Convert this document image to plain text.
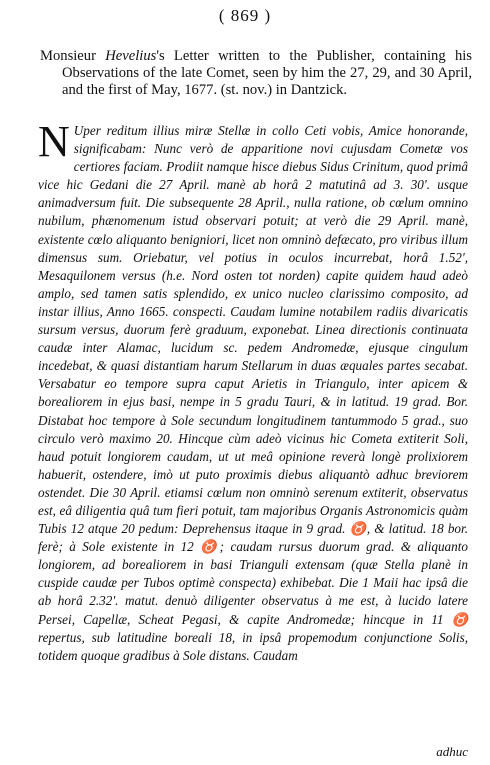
( 869 )
Monsieur Hevelius's Letter written to the Publisher, containing his Observations of the late Comet, seen by him the 27, 29, and 30 April, and the first of May, 1677. (st. nov.) in Dantzick.
N Uper reditum illius miræ Stellæ in collo Ceti vobis, Amice honorande, significabam: Nunc verò de apparitione novi cujusdam Cometæ vos certiores faciam. Prodiit namque hisce diebus Sidus Crinitum, quod primâ vice hic Gedani die 27 April. manè ab horâ 2 matutinâ ad 3. 30'. usque animadversum fuit. Die subsequente 28 April., nulla ratione, ob cœlum omnino nubilum, phænomenum istud observari potuit; at verò die 29 April. manè, existente cœlo aliquanto benigniori, licet non omninò defæcato, pro viribus illum dimensus sum. Oriebatur, vel potius in oculos incurrebat, horâ 1.52', Mesaquilonem versus (h.e. Nord osten tot norden) capite quidem haud adeò amplo, sed tamen satis splendido, ex unico nucleo clarissimo composito, ad instar illius, Anno 1665. conspecti. Caudam lumine notabilem radiis divaricatis sursum versus, duorum ferè graduum, exponebat. Linea directionis continuata caudæ inter Alamac, lucidum sc. pedem Andromedæ, ejusque cingulum incedebat, & quasi distantiam harum Stellarum in duas æquales partes secabat. Versabatur eo tempore supra caput Arietis in Triangulo, inter apicem & borealiorem in ejus basi, nempe in 5 gradu Tauri, & in latitud. 19 grad. Bor. Distabat hoc tempore à Sole secundum longitudinem tantummodo 5 grad., suo circulo verò maximo 20. Hincque cùm adeò vicinus hic Cometa extiterit Soli, haud potuit longiorem caudam, ut ut meâ opinione reverà longè prolixiorem habuerit, ostendere, imò ut puto proximis diebus aliquantò adhuc breviorem ostendet. Die 30 April. etiamsi cœlum non omninò serenum extiterit, observatus est, eâ diligentia quâ tum fieri potuit, tam majoribus Organis Astronomicis quàm Tubis 12 atque 20 pedum: Deprehensus itaque in 9 grad. ♉, & latitud. 18 bor. ferè; à Sole existente in 12 ♉; caudam rursus duorum grad. & aliquanto longiorem, ad borealiorem in basi Trianguli extensam (quæ Stella planè in cuspide caudæ per Tubos optimè conspecta) exhibebat. Die 1 Maii hac ipsâ die ab horâ 2.32'. matut. denuò diligenter observatus à me est, à lucido latere Persei, Capellæ, Scheat Pegasi, & capite Andromedæ; hincque in 11 ♉ repertus, sub latitudine boreali 18, in ipsâ propemodum conjunctione Solis, totidem quoque gradibus à Sole distans. Caudam
adhuc
